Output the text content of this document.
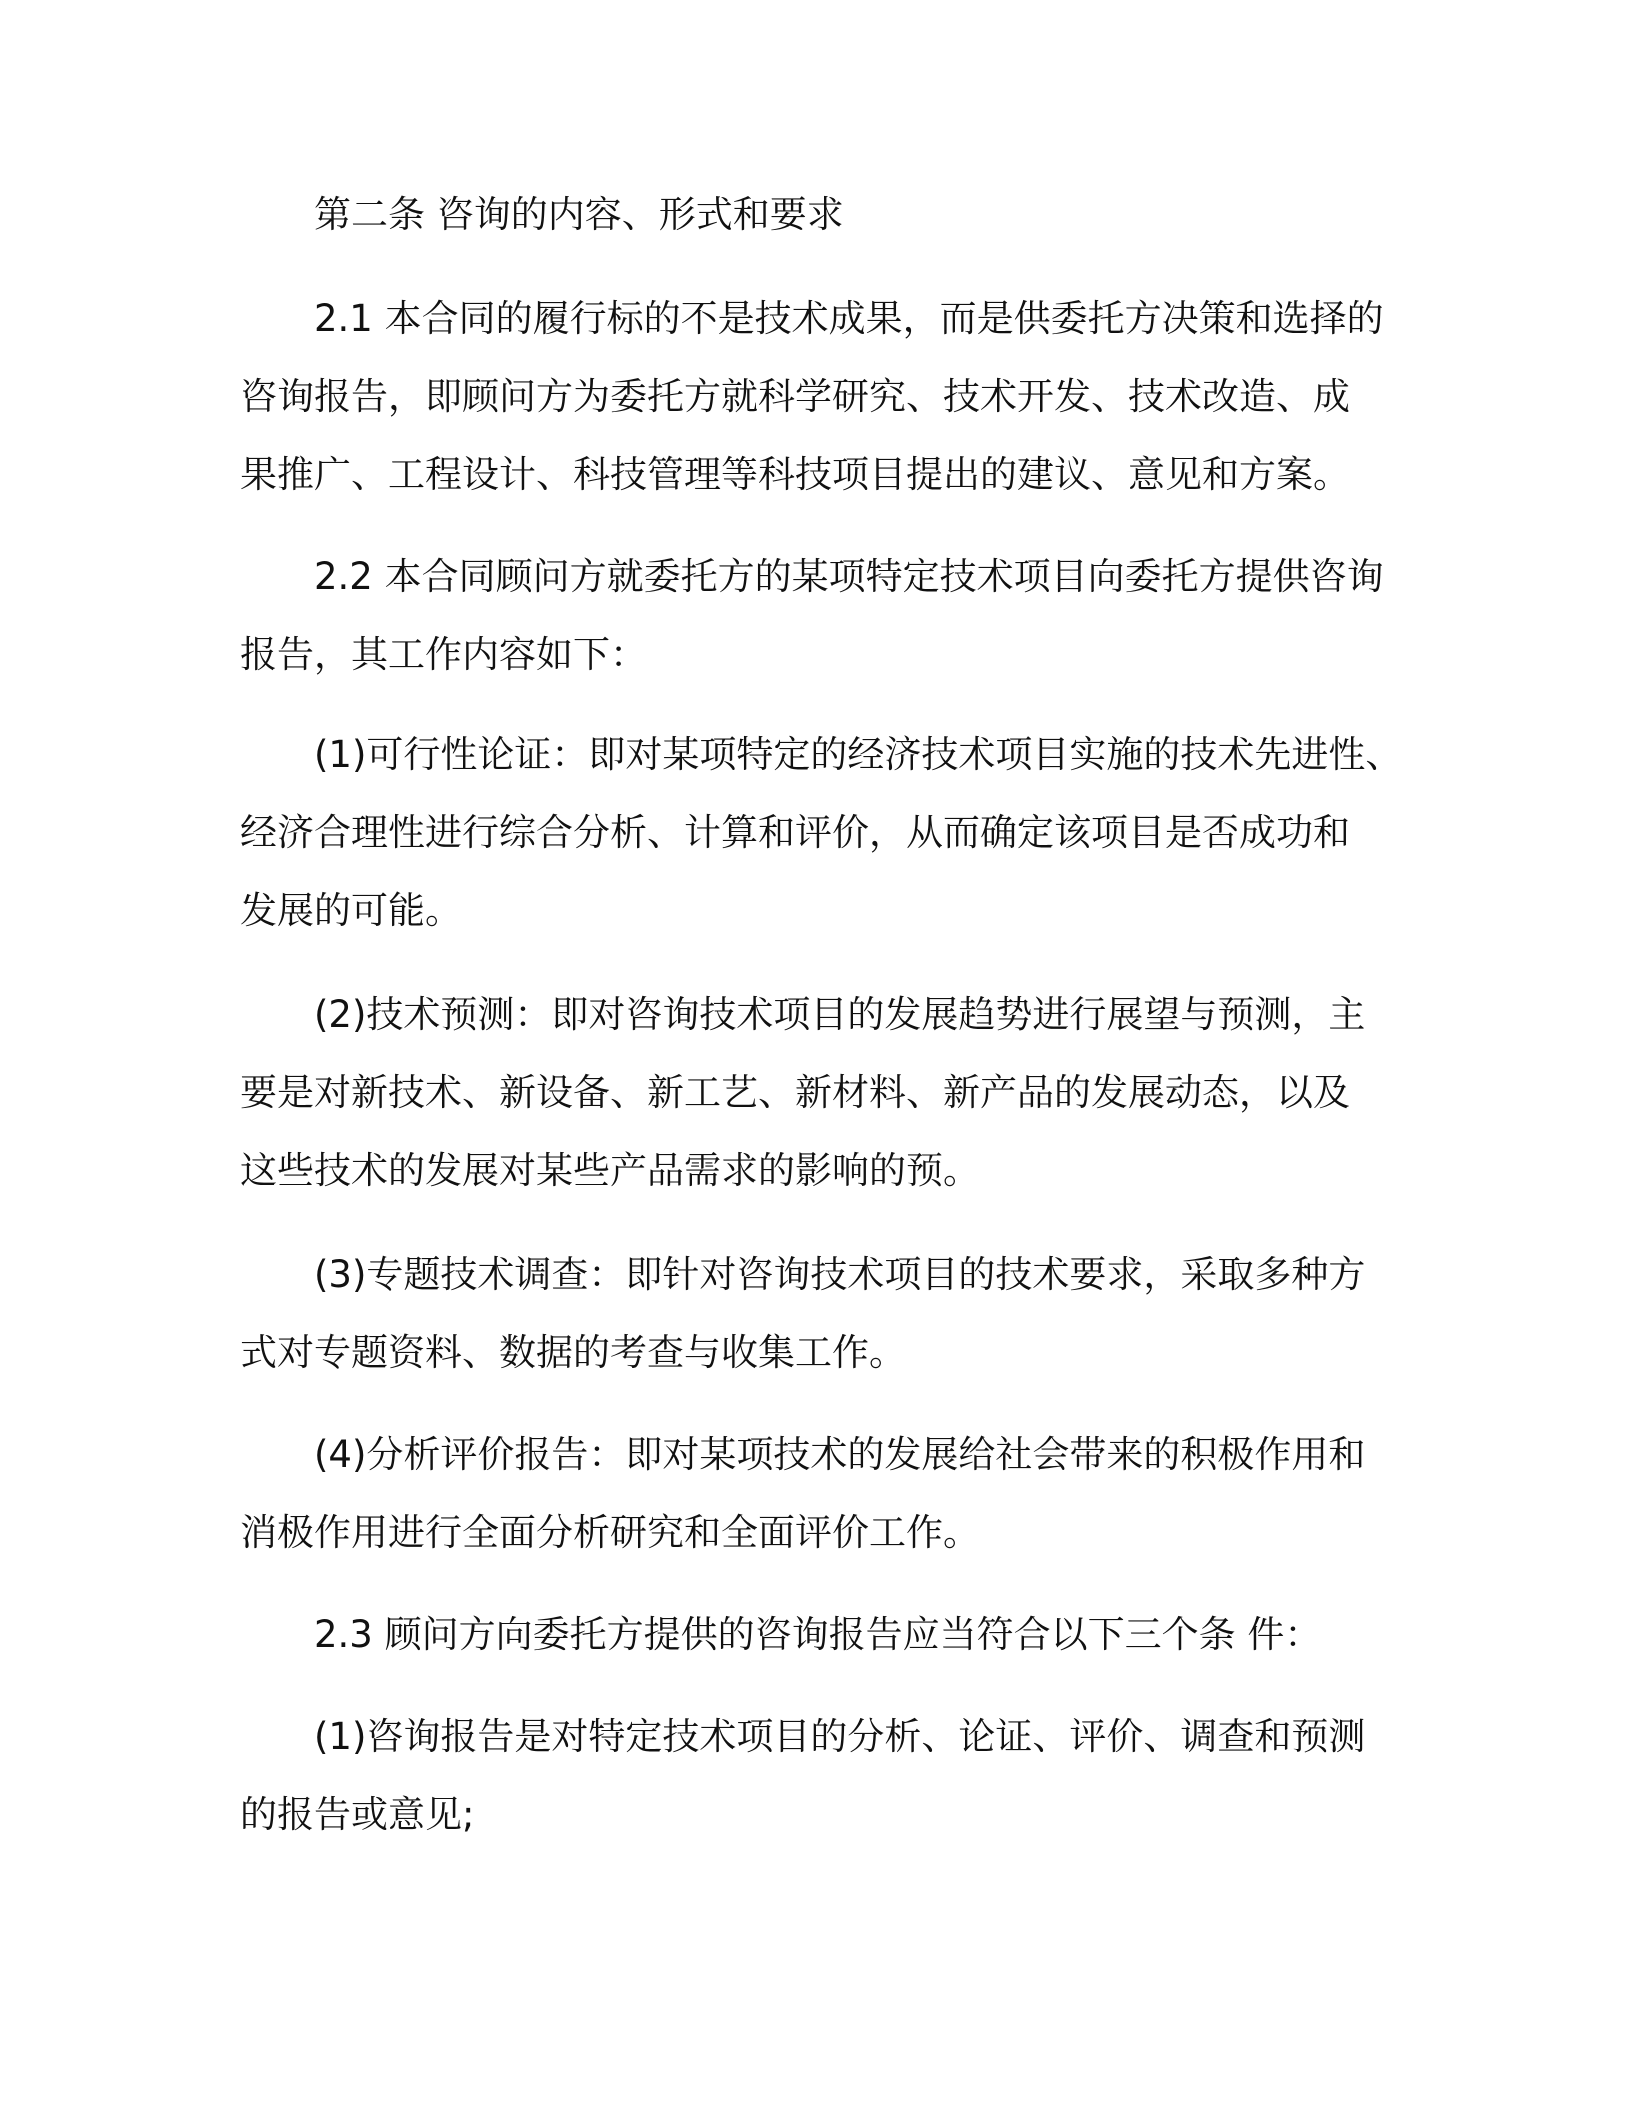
第二条 咨询的内容、形式和要求

2.1 本合同的履行标的不是技术成果，而是供委托方决策和选择的
咨询报告，即顾问方为委托方就科学研究、技术开发、技术改造、成
果推广、工程设计、科技管理等科技项目提出的建议、意见和方案。

2.2 本合同顾问方就委托方的某项特定技术项目向委托方提供咨询
报告，其工作内容如下：

(1)可行性论证：即对某项特定的经济技术项目实施的技术先进性、
经济合理性进行综合分析、计算和评价，从而确定该项目是否成功和
发展的可能。

(2)技术预测：即对咨询技术项目的发展趋势进行展望与预测，主
要是对新技术、新设备、新工艺、新材料、新产品的发展动态，以及
这些技术的发展对某些产品需求的影响的预。

(3)专题技术调查：即针对咨询技术项目的技术要求，采取多种方
式对专题资料、数据的考查与收集工作。

(4)分析评价报告：即对某项技术的发展给社会带来的积极作用和
消极作用进行全面分析研究和全面评价工作。

2.3 顾问方向委托方提供的咨询报告应当符合以下三个条 件：

(1)咨询报告是对特定技术项目的分析、论证、评价、调查和预测
的报告或意见;
